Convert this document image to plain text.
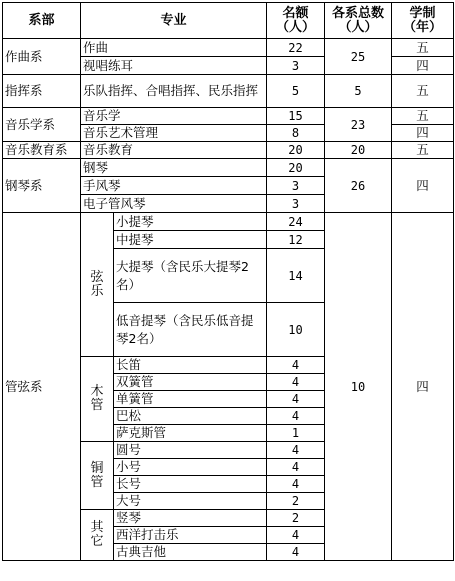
系部	专业		名额（人）	各系总数（人）	学制（年）
作曲系	作曲		22	25	五
	视唱练耳		3		四
指挥系	乐队指挥、合唱指挥、民乐指挥		5	5	五
音乐学系	音乐学		15	23	五
	音乐艺术管理		8		四
音乐教育系	音乐教育		20	20	五
钢琴系	钢琴		20	26	四
	手风琴		3		
	电子管风琴		3		
管弦系	弦乐	小提琴	24	10	四
		中提琴	12		
		大提琴（含民乐大提琴2名）	14		
		低音提琴（含民乐低音提琴2名）	10		
	木管	长笛	4		
		双簧管	4		
		单簧管	4		
		巴松	4		
		萨克斯管	1		
	铜管	圆号	4		
		小号	4		
		长号	4		
		大号	2		
	其它	竖琴	2		
		西洋打击乐	4		
		古典吉他	4		
